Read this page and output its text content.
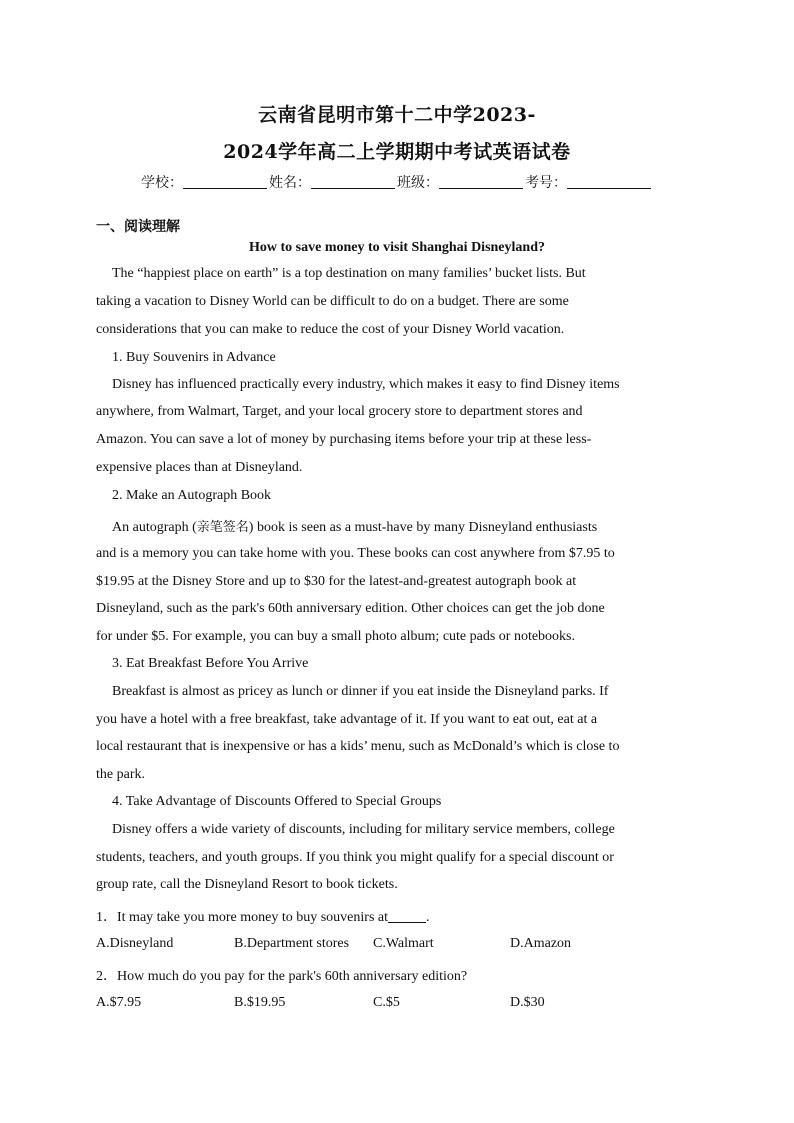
云南省昆明市第十二中学2023-
2024学年高二上学期期中考试英语试卷
学校：	姓名：	班级：	考号：
一、阅读理解
How to save money to visit Shanghai Disneyland?
The “happiest place on earth” is a top destination on many families’ bucket lists. But
taking a vacation to Disney World can be difficult to do on a budget. There are some
considerations that you can make to reduce the cost of your Disney World vacation.
1. Buy Souvenirs in Advance
Disney has influenced practically every industry, which makes it easy to find Disney items
anywhere, from Walmart, Target, and your local grocery store to department stores and
Amazon. You can save a lot of money by purchasing items before your trip at these less-
expensive places than at Disneyland.
2. Make an Autograph Book
An autograph (亲笔签名) book is seen as a must-have by many Disneyland enthusiasts
and is a memory you can take home with you. These books can cost anywhere from $7.95 to
$19.95 at the Disney Store and up to $30 for the latest-and-greatest autograph book at
Disneyland, such as the park's 60th anniversary edition. Other choices can get the job done
for under $5. For example, you can buy a small photo album; cute pads or notebooks.
3. Eat Breakfast Before You Arrive
Breakfast is almost as pricey as lunch or dinner if you eat inside the Disneyland parks. If
you have a hotel with a free breakfast, take advantage of it. If you want to eat out, eat at a
local restaurant that is inexpensive or has a kids’ menu, such as McDonald’s which is close to
the park.
4. Take Advantage of Discounts Offered to Special Groups
Disney offers a wide variety of discounts, including for military service members, college
students, teachers, and youth groups. If you think you might qualify for a special discount or
group rate, call the Disneyland Resort to book tickets.
1．It may take you more money to buy souvenirs at	.
A.Disneyland	B.Department stores C.Walmart	D.Amazon
2．How much do you pay for the park's 60th anniversary edition?
A.$7.95	B.$19.95	C.$5	D.$30
